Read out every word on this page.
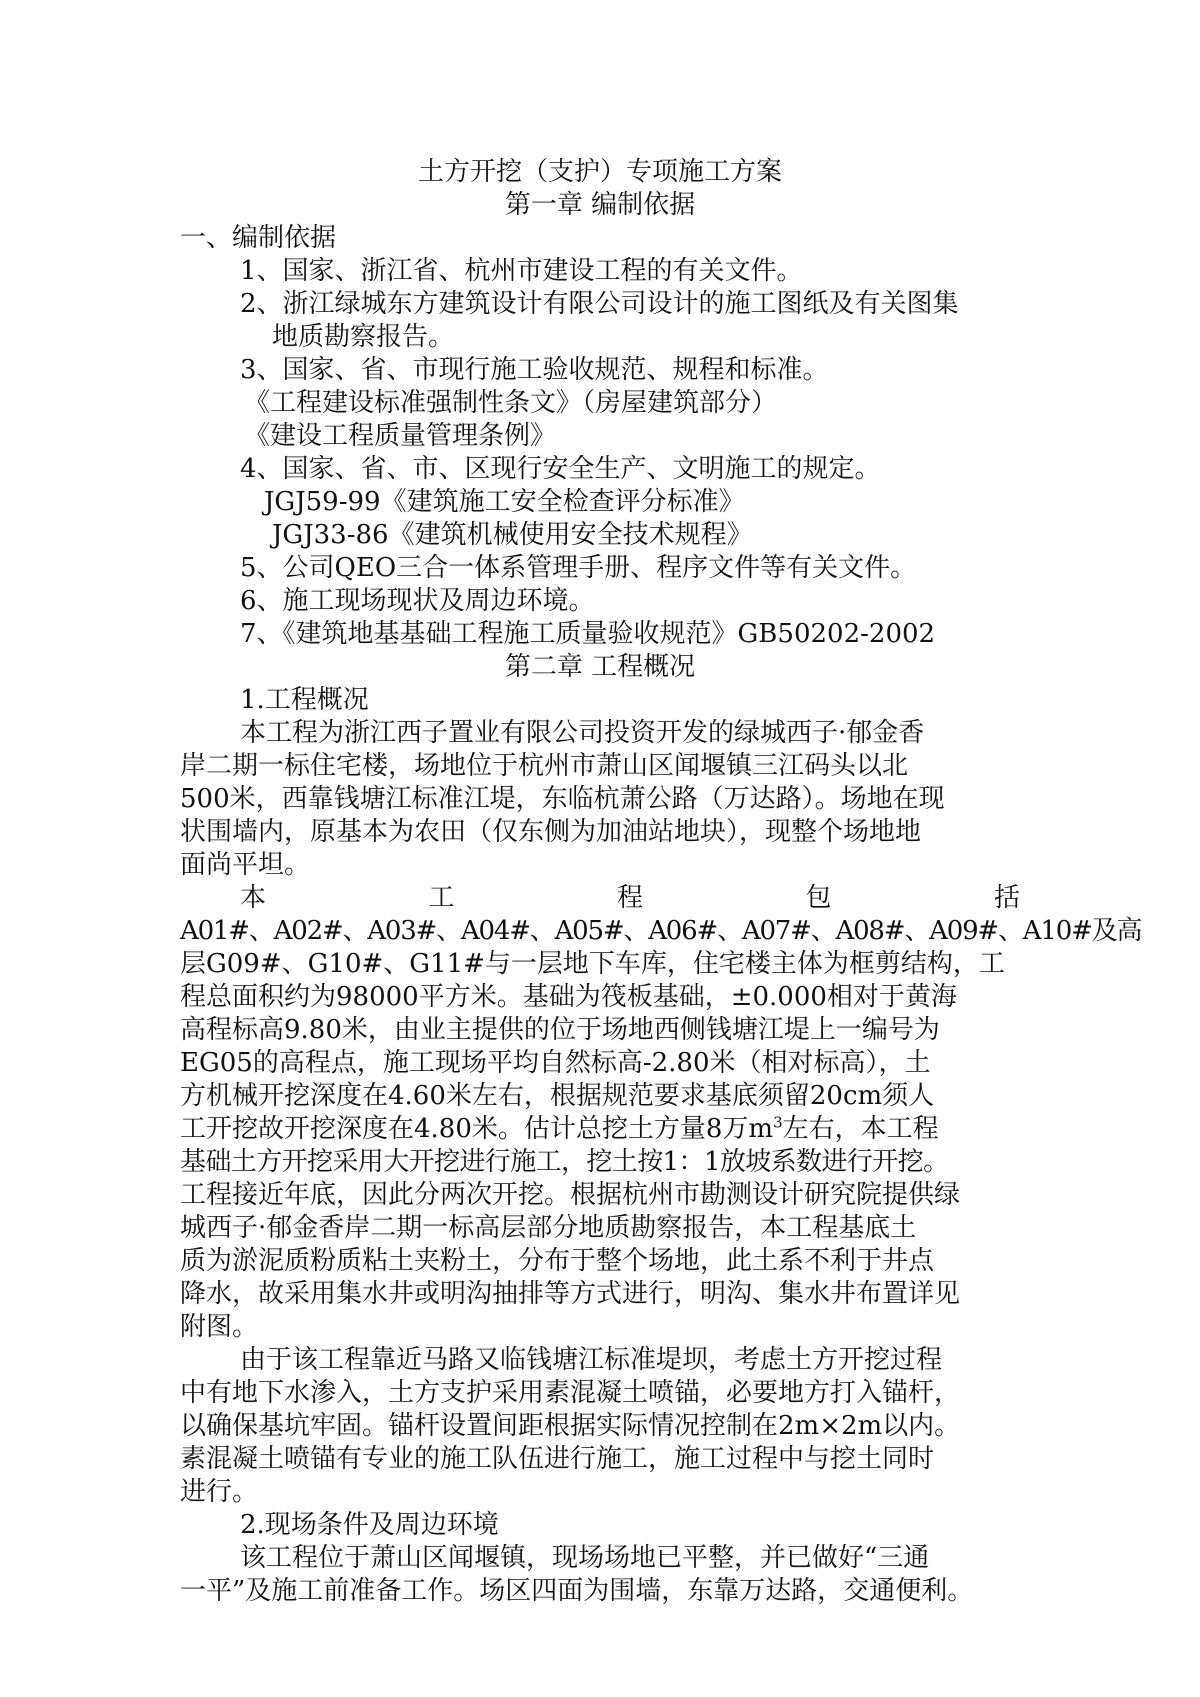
土方开挖（支护）专项施工方案
第一章 编制依据
一、编制依据
1、国家、浙江省、杭州市建设工程的有关文件。
2、浙江绿城东方建筑设计有限公司设计的施工图纸及有关图集
地质勘察报告。
3、国家、省、市现行施工验收规范、规程和标准。
《工程建设标准强制性条文》（房屋建筑部分）
《建设工程质量管理条例》
4、国家、省、市、区现行安全生产、文明施工的规定。
JGJ59-99《建筑施工安全检查评分标准》
JGJ33-86《建筑机械使用安全技术规程》
5、公司QEO三合一体系管理手册、程序文件等有关文件。
6、施工现场现状及周边环境。
7、《建筑地基基础工程施工质量验收规范》GB50202-2002
第二章 工程概况
1.工程概况
本工程为浙江西子置业有限公司投资开发的绿城西子·郁金香
岸二期一标住宅楼，场地位于杭州市萧山区闻堰镇三江码头以北
500米，西靠钱塘江标准江堤，东临杭萧公路（万达路）。场地在现
状围墙内，原基本为农田（仅东侧为加油站地块），现整个场地地
面尚平坦。
本	工	程	包	括
A01#、A02#、A03#、A04#、A05#、A06#、A07#、A08#、A09#、A10#及高
层G09#、G10#、G11#与一层地下车库，住宅楼主体为框剪结构，工
程总面积约为98000平方米。基础为筏板基础，±0.000相对于黄海
高程标高9.80米，由业主提供的位于场地西侧钱塘江堤上一编号为
EG05的高程点，施工现场平均自然标高-2.80米（相对标高），土
方机械开挖深度在4.60米左右，根据规范要求基底须留20cm须人
工开挖故开挖深度在4.80米。估计总挖土方量8万$m^3$左右，本工程
基础土方开挖采用大开挖进行施工，挖土按1：1放坡系数进行开挖。
工程接近年底，因此分两次开挖。根据杭州市勘测设计研究院提供绿
城西子·郁金香岸二期一标高层部分地质勘察报告，本工程基底土
质为淤泥质粉质粘土夹粉土，分布于整个场地，此土系不利于井点
降水，故采用集水井或明沟抽排等方式进行，明沟、集水井布置详见
附图。
由于该工程靠近马路又临钱塘江标准堤坝，考虑土方开挖过程
中有地下水渗入，土方支护采用素混凝土喷锚，必要地方打入锚杆，
以确保基坑牢固。锚杆设置间距根据实际情况控制在2m×2m以内。
素混凝土喷锚有专业的施工队伍进行施工，施工过程中与挖土同时
进行。
2.现场条件及周边环境
该工程位于萧山区闻堰镇，现场场地已平整，并已做好“三通
一平”及施工前准备工作。场区四面为围墙，东靠万达路，交通便利。
